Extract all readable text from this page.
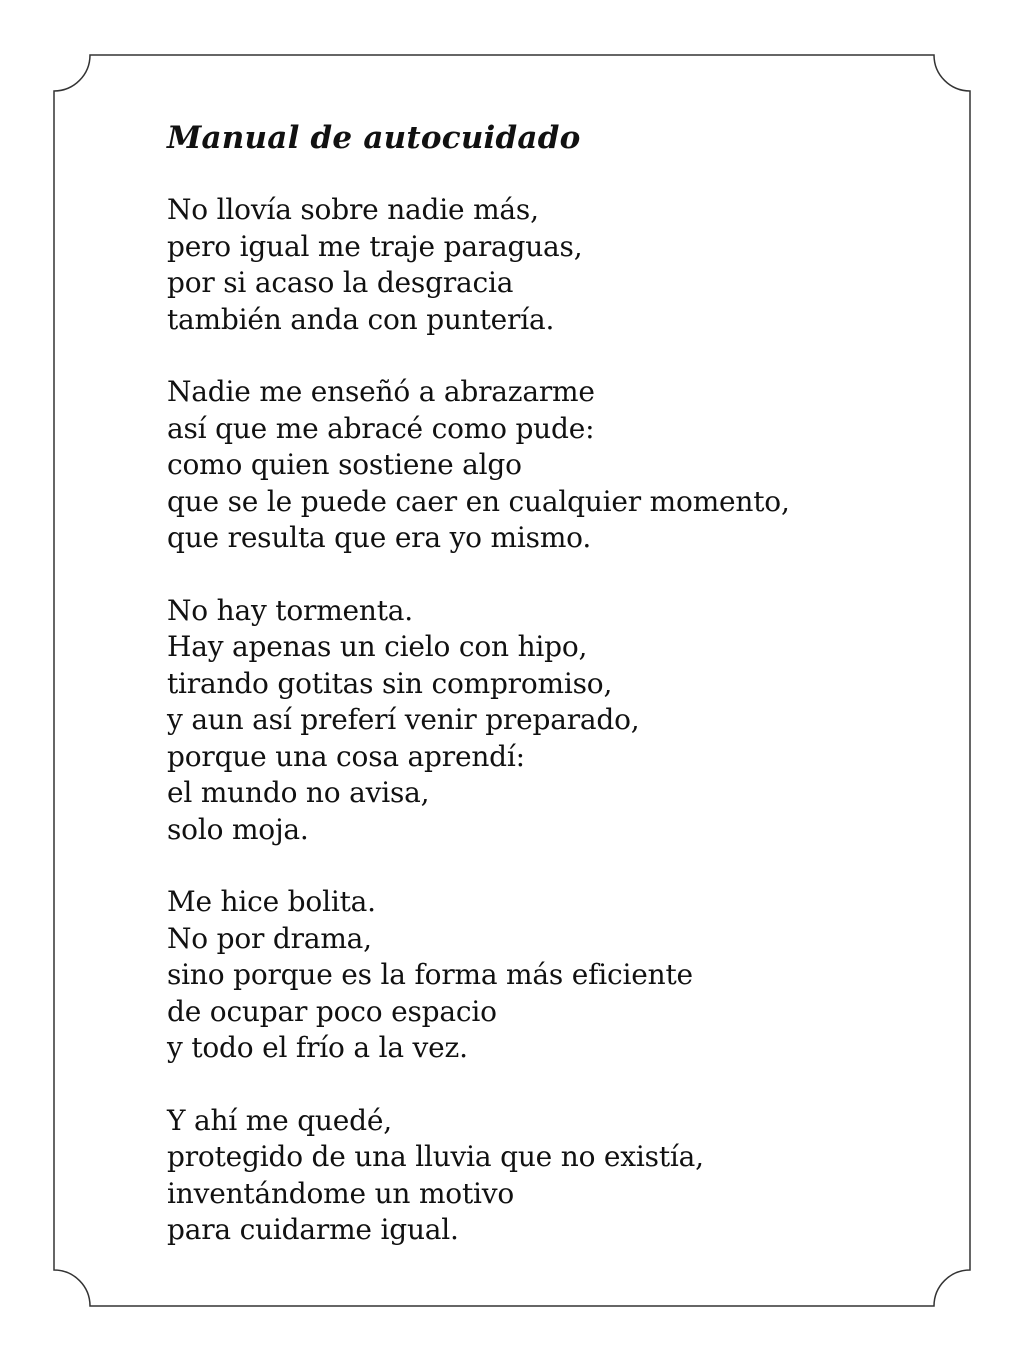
Manual de autocuidado
No llovía sobre nadie más,
pero igual me traje paraguas,
por si acaso la desgracia
también anda con puntería.
Nadie me enseñó a abrazarme
así que me abracé como pude:
como quien sostiene algo
que se le puede caer en cualquier momento,
que resulta que era yo mismo.
No hay tormenta.
Hay apenas un cielo con hipo,
tirando gotitas sin compromiso,
y aun así preferí venir preparado,
porque una cosa aprendí:
el mundo no avisa,
solo moja.
Me hice bolita.
No por drama,
sino porque es la forma más eficiente
de ocupar poco espacio
y todo el frío a la vez.
Y ahí me quedé,
protegido de una lluvia que no existía,
inventándome un motivo
para cuidarme igual.
